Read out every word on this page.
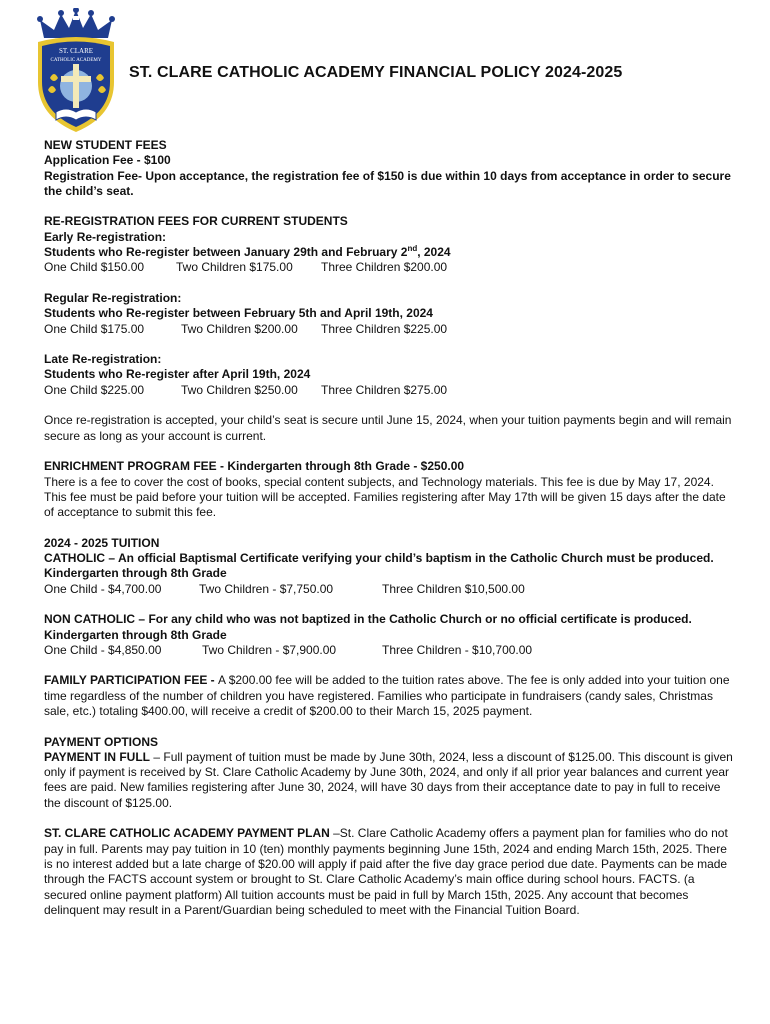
ST. CLARE
CATHOLIC ACADEMY
ST. CLARE CATHOLIC ACADEMY FINANCIAL POLICY 2024-2025

NEW STUDENT FEES

Application Fee - $100

Registration Fee- Upon acceptance, the registration fee of $150 is due within 10 days from acceptance in order to secure the child’s seat.

RE-REGISTRATION FEES FOR CURRENT STUDENTS

Early Re-registration:

Students who Re-register between January 29th and February 2nd, 2024

One Child $150.00	Two Children $175.00	Three Children $200.00

Regular Re-registration:

Students who Re-register between February 5th and April 19th, 2024

One Child $175.00	Two Children $200.00	Three Children $225.00

Late Re-registration:

Students who Re-register after April 19th, 2024

One Child $225.00	Two Children $250.00	Three Children $275.00

Once re-registration is accepted, your child’s seat is secure until June 15, 2024, when your tuition payments begin and will remain secure as long as your account is current.

ENRICHMENT PROGRAM FEE - Kindergarten through 8th Grade - $250.00

There is a fee to cover the cost of books, special content subjects, and Technology materials. This fee is due by May 17, 2024. This fee must be paid before your tuition will be accepted. Families registering after May 17th will be given 15 days after the date of acceptance to submit this fee.

2024 - 2025 TUITION

CATHOLIC – An official Baptismal Certificate verifying your child’s baptism in the Catholic Church must be produced.

Kindergarten through 8th Grade

One Child - $4,700.00	Two Children - $7,750.00	Three Children $10,500.00

NON CATHOLIC – For any child who was not baptized in the Catholic Church or no official certificate is produced.

Kindergarten through 8th Grade

One Child - $4,850.00	Two Children - $7,900.00	Three Children - $10,700.00

FAMILY PARTICIPATION FEE - A $200.00 fee will be added to the tuition rates above. The fee is only added into your tuition one time regardless of the number of children you have registered. Families who participate in fundraisers (candy sales, Christmas sale, etc.) totaling $400.00, will receive a credit of $200.00 to their March 15, 2025 payment.

PAYMENT OPTIONS

PAYMENT IN FULL – Full payment of tuition must be made by June 30th, 2024, less a discount of $125.00. This discount is given only if payment is received by St. Clare Catholic Academy by June 30th, 2024, and only if all prior year balances and current year fees are paid. New families registering after June 30, 2024, will have 30 days from their acceptance date to pay in full to receive the discount of $125.00.

ST. CLARE CATHOLIC ACADEMY PAYMENT PLAN –St. Clare Catholic Academy offers a payment plan for families who do not pay in full. Parents may pay tuition in 10 (ten) monthly payments beginning June 15th, 2024 and ending March 15th, 2025. There is no interest added but a late charge of $20.00 will apply if paid after the five day grace period due date. Payments can be made through the FACTS account system or brought to St. Clare Catholic Academy’s main office during school hours. FACTS. (a secured online payment platform) All tuition accounts must be paid in full by March 15th, 2025. Any account that becomes delinquent may result in a Parent/Guardian being scheduled to meet with the Financial Tuition Board.
